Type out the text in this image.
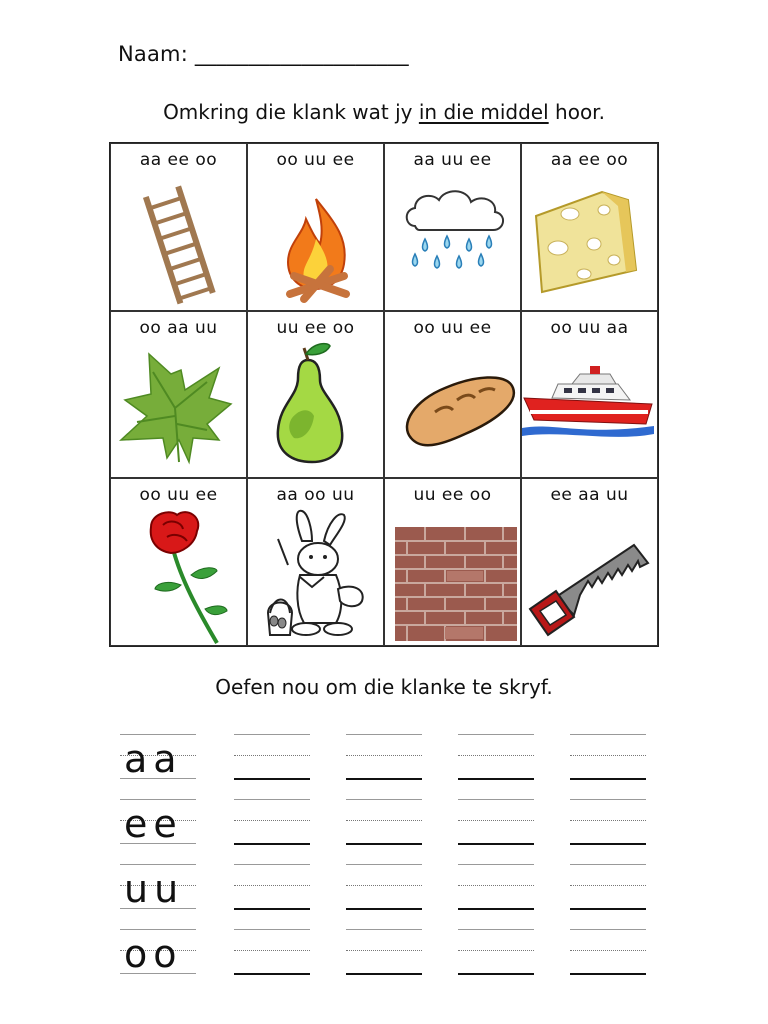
Naam: ____________________
Omkring die klank wat jy in die middel hoor.
aa ee oo	oo uu ee	aa uu ee	aa ee oo
oo aa uu	uu ee oo	oo uu ee	oo uu aa
oo uu ee	aa oo uu	uu ee oo	ee aa uu
Oefen nou om die klanke te skryf.
aa
ee
uu
oo
